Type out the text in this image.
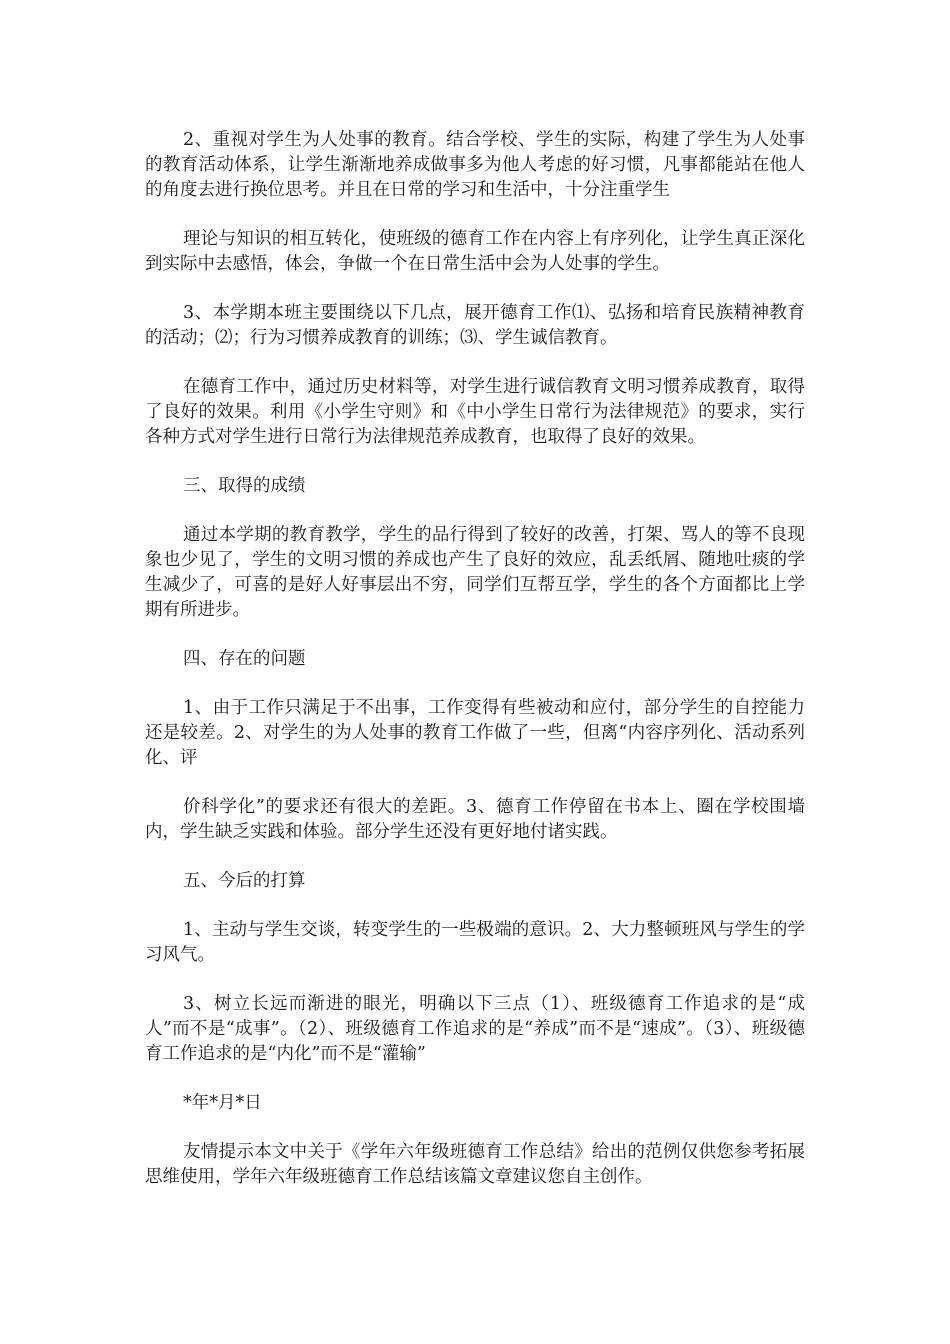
2、重视对学生为人处事的教育。结合学校、学生的实际，构建了学生为人处事的教育活动体系，让学生渐渐地养成做事多为他人考虑的好习惯，凡事都能站在他人的角度去进行换位思考。并且在日常的学习和生活中，十分注重学生

理论与知识的相互转化，使班级的德育工作在内容上有序列化，让学生真正深化到实际中去感悟，体会，争做一个在日常生活中会为人处事的学生。

3、本学期本班主要围绕以下几点，展开德育工作⑴、弘扬和培育民族精神教育的活动；⑵；行为习惯养成教育的训练；⑶、学生诚信教育。

在德育工作中，通过历史材料等，对学生进行诚信教育文明习惯养成教育，取得了良好的效果。利用《小学生守则》和《中小学生日常行为法律规范》的要求，实行各种方式对学生进行日常行为法律规范养成教育，也取得了良好的效果。

三、取得的成绩

通过本学期的教育教学，学生的品行得到了较好的改善，打架、骂人的等不良现象也少见了，学生的文明习惯的养成也产生了良好的效应，乱丢纸屑、随地吐痰的学生减少了，可喜的是好人好事层出不穷，同学们互帮互学，学生的各个方面都比上学期有所进步。

四、存在的问题

1、由于工作只满足于不出事，工作变得有些被动和应付，部分学生的自控能力还是较差。2、对学生的为人处事的教育工作做了一些，但离“内容序列化、活动系列化、评

价科学化”的要求还有很大的差距。3、德育工作停留在书本上、圈在学校围墙内，学生缺乏实践和体验。部分学生还没有更好地付诸实践。

五、今后的打算

1、主动与学生交谈，转变学生的一些极端的意识。2、大力整顿班风与学生的学习风气。

3、树立长远而渐进的眼光，明确以下三点（1）、班级德育工作追求的是“成人”而不是“成事”。（2）、班级德育工作追求的是“养成”而不是“速成”。（3）、班级德育工作追求的是“内化”而不是“灌输”

*年*月*日

友情提示本文中关于《学年六年级班德育工作总结》给出的范例仅供您参考拓展思维使用，学年六年级班德育工作总结该篇文章建议您自主创作。
